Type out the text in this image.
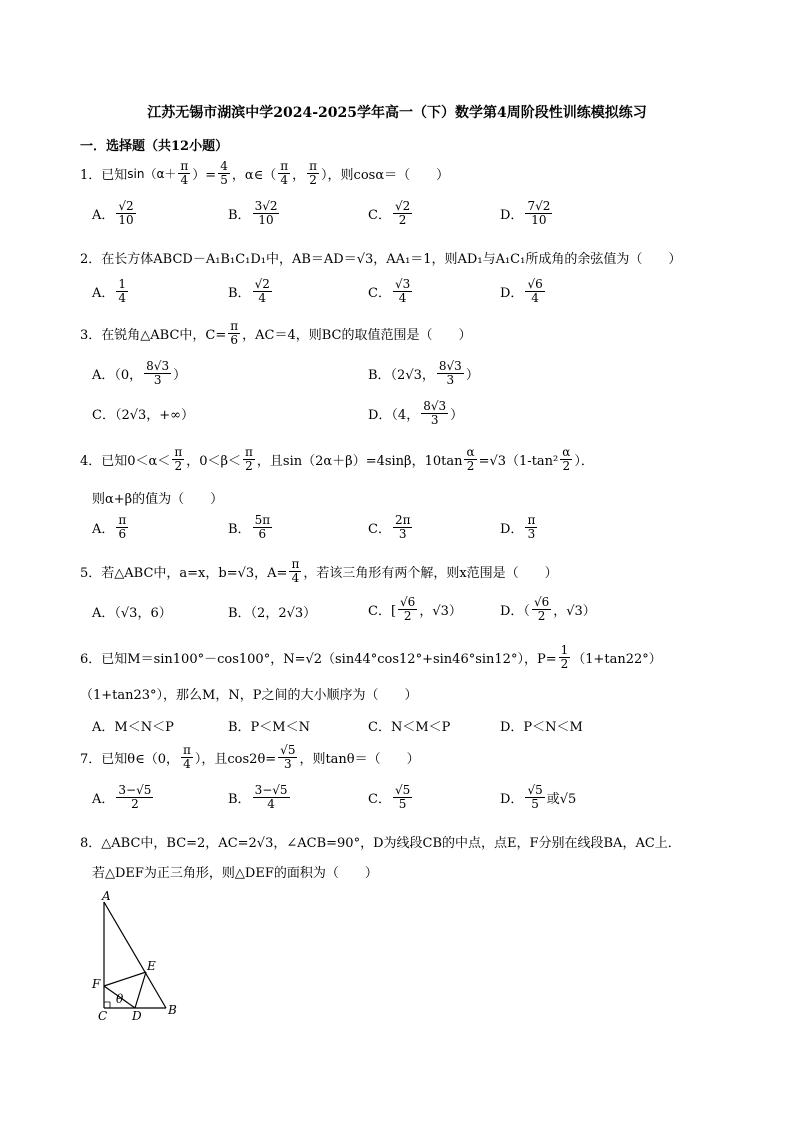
江苏无锡市湖滨中学2024-2025学年高一（下）数学第4周阶段性训练模拟练习
一．选择题（共12小题）
1． 已知 $\sin(\alpha+ \frac{\pi}{4}$ ）= $\frac{4}{5}$ ，α∈（ $\frac{\pi}{4}$ ， $\frac{\pi}{2}$ ），则cosα＝（　　）
A． $\frac{√2}{10}$	B． $\frac{3√2}{10}$	C． $\frac{√2}{2}$	D． $\frac{7√2}{10}$
2．在长方体ABCD－A₁B₁C₁D₁中，AB＝AD＝√3，AA₁＝1，则AD₁与A₁C₁所成角的余弦值为（　　）
A． $\frac{1}{4}$	B． $\frac{√2}{4}$	C． $\frac{√3}{4}$	D． $\frac{√6}{4}$
3．在锐角△ABC中，$C= \frac{\pi}{6}$ ，AC＝4，则BC的取值范围是（　　）
A．（0， $\frac{8√3}{3}$ ）	B．（2√3， $\frac{8√3}{3}$ ）
C．（2√3，+∞）	D．（4， $\frac{8√3}{3}$ ）
4．已知 $0<\alpha< \frac{\pi}{2}$ ，$0<\beta< \frac{\pi}{2}$ ，且sin（2α＋β）=4sinβ，$10\tan \frac{\alpha}{2} =√3(1-\tan^2 \frac{\alpha}{2}$ ）．
则α+β的值为（　　）
A． $\frac{\pi}{6}$	B． $\frac{5\pi}{6}$	C． $\frac{2\pi}{3}$	D． $\frac{\pi}{3}$
5．若△ABC中，a=x，b=√3，$A= \frac{\pi}{4}$ ，若该三角形有两个解，则x范围是（　　）
A．（√3，6）	B．（2，2√3）	C．[ $\frac{√6}{2}$ ，√3）	D．（ $\frac{√6}{2}$ ，√3）
6．已知M＝sin100°－cos100°，N=√2（sin44°cos12°+sin46°sin12°），$P= \frac{1}{2} (1+\tan 22^\circ)$
（1+tan23°），那么M，N，P之间的大小顺序为（　　）
A．M＜N＜P	B．P＜M＜N	C．N＜M＜P	D．P＜N＜M
7．已知θ∈（0， $\frac{\pi}{4}$ ），且$\cos 2\theta= \frac{√5}{3}$ ，则tanθ＝（　　）
A． $\frac{3-√5}{2}$	B． $\frac{3-√5}{4}$	C． $\frac{√5}{5}$	D． $\frac{√5}{5}$ 或√5
8．△ABC中，BC=2，AC=2√3，∠ACB=90°，D为线段CB的中点，点E，F分别在线段BA，AC上．
若△DEF为正三角形，则△DEF的面积为（　　）
A
E
F
θ
C D B
